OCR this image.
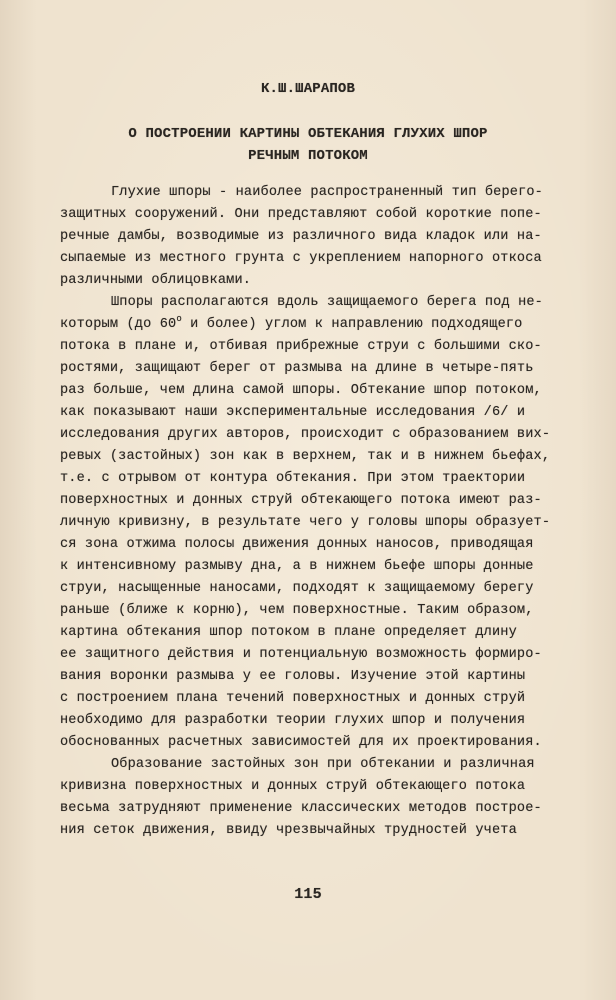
К.Ш.ШАРАПОВ
О ПОСТРОЕНИИ КАРТИНЫ ОБТЕКАНИЯ ГЛУХИХ ШПОР
РЕЧНЫМ ПОТОКОМ
Глухие шпоры - наиболее распространенный тип берего-
защитных сооружений. Они представляют собой короткие попе-
речные дамбы, возводимые из различного вида кладок или на-
сыпаемые из местного грунта с укреплением напорного откоса
различными облицовками.
Шпоры располагаются вдоль защищаемого берега под не-
которым (до $60^о$ и более) углом к направлению подходящего
потока в плане и, отбивая прибрежные струи с большими ско-
ростями, защищают берег от размыва на длине в четыре-пять
раз больше, чем длина самой шпоры. Обтекание шпор потоком,
как показывают наши экспериментальные исследования /6/ и
исследования других авторов, происходит с образованием вих-
ревых (застойных) зон как в верхнем, так и в нижнем бьефах,
т.е. с отрывом от контура обтекания. При этом траектории
поверхностных и донных струй обтекающего потока имеют раз-
личную кривизну, в результате чего у головы шпоры образует-
ся зона отжима полосы движения донных наносов, приводящая
к интенсивному размыву дна, а в нижнем бьефе шпоры донные
струи, насыщенные наносами, подходят к защищаемому берегу
раньше (ближе к корню), чем поверхностные. Таким образом,
картина обтекания шпор потоком в плане определяет длину
ее защитного действия и потенциальную возможность формиро-
вания воронки размыва у ее головы. Изучение этой картины
с построением плана течений поверхностных и донных струй
необходимо для разработки теории глухих шпор и получения
обоснованных расчетных зависимостей для их проектирования.
Образование застойных зон при обтекании и различная
кривизна поверхностных и донных струй обтекающего потока
весьма затрудняют применение классических методов построе-
ния сеток движения, ввиду чрезвычайных трудностей учета
115
